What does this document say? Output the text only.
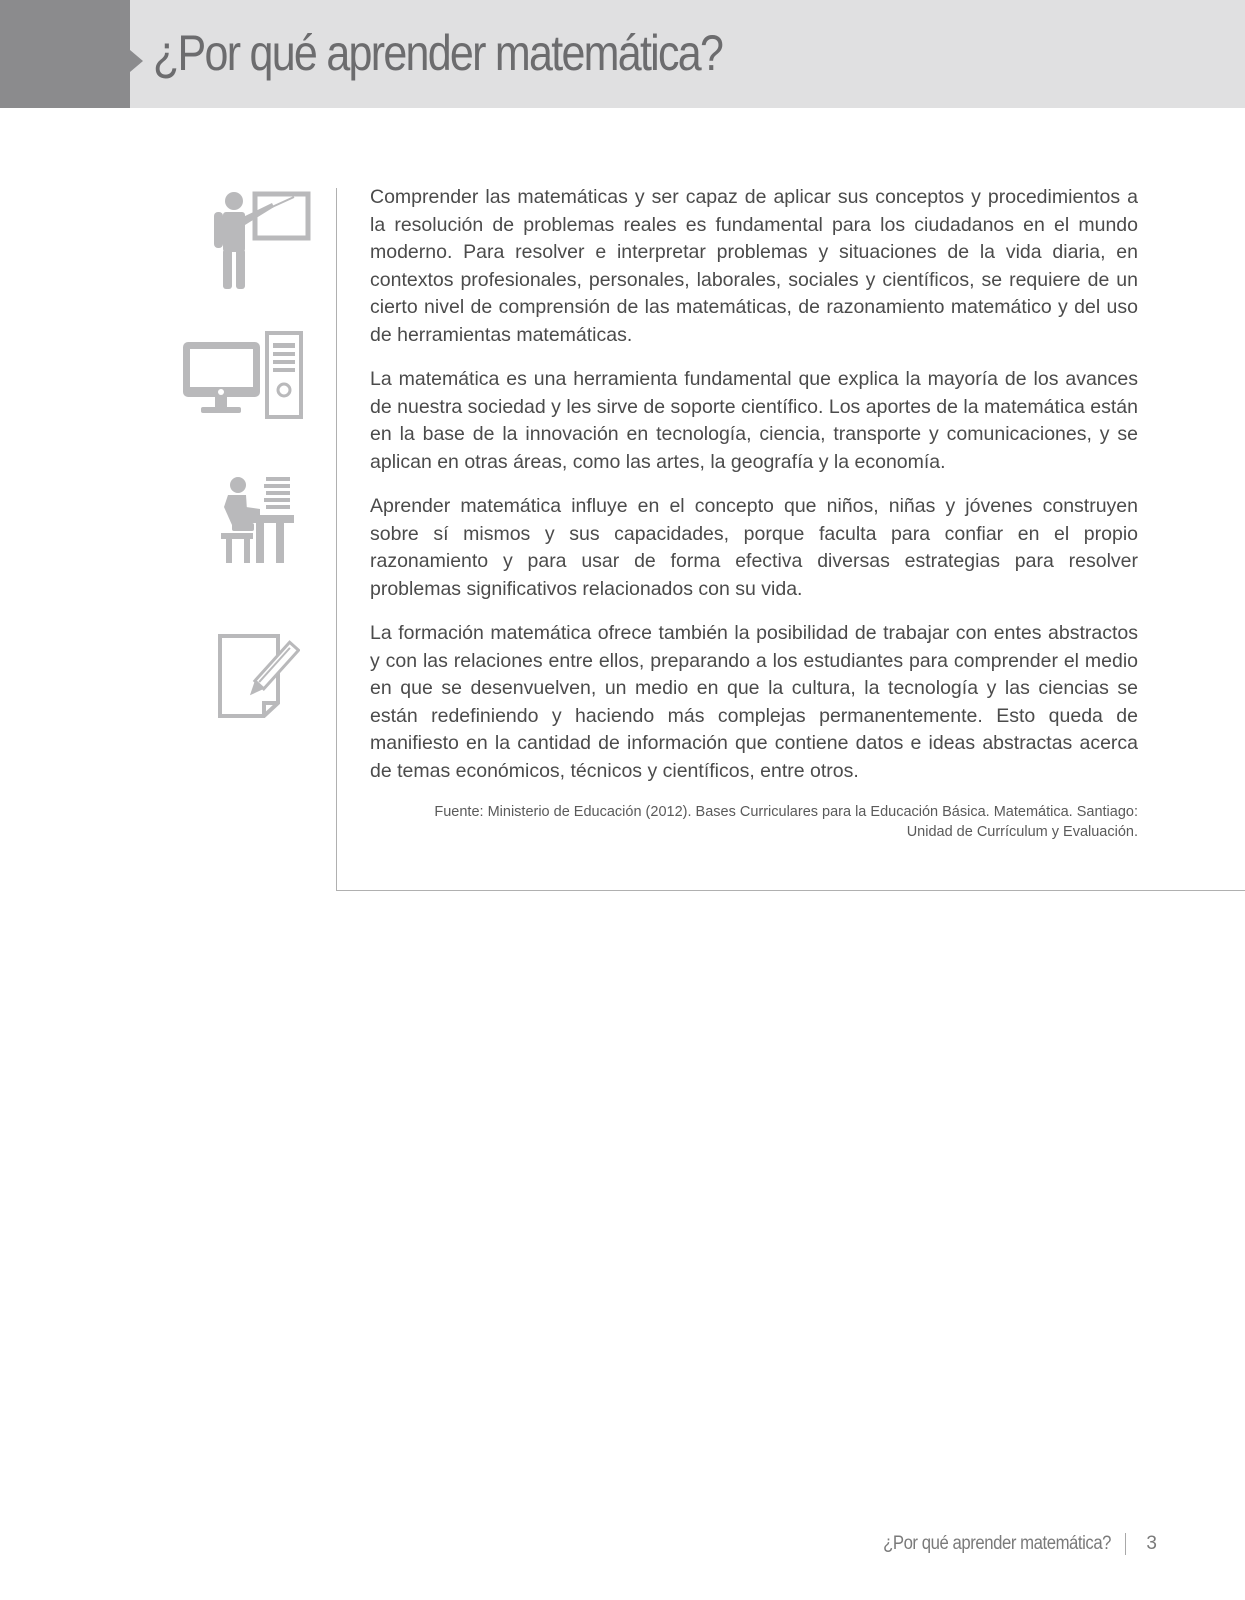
¿Por qué aprender matemática?

Comprender las matemáticas y ser capaz de aplicar sus conceptos y procedimientos a la resolución de problemas reales es fundamental para los ciudadanos en el mundo moderno. Para resolver e interpretar problemas y situaciones de la vida diaria, en contextos profesionales, personales, laborales, sociales y científicos, se requiere de un cierto nivel de comprensión de las matemáticas, de razonamiento matemático y del uso de herramientas matemáticas.

La matemática es una herramienta fundamental que explica la mayoría de los avances de nuestra sociedad y les sirve de soporte científico. Los aportes de la matemática están en la base de la innovación en tecnología, ciencia, transporte y comunicaciones, y se aplican en otras áreas, como las artes, la geografía y la economía.

Aprender matemática influye en el concepto que niños, niñas y jóvenes construyen sobre sí mismos y sus capacidades, porque faculta para confiar en el propio razonamiento y para usar de forma efectiva diversas estrategias para resolver problemas significativos relacionados con su vida.

La formación matemática ofrece también la posibilidad de trabajar con entes abstractos y con las relaciones entre ellos, preparando a los estudiantes para comprender el medio en que se desenvuelven, un medio en que la cultura, la tecnología y las ciencias se están redefiniendo y haciendo más complejas permanentemente. Esto queda de manifiesto en la cantidad de información que contiene datos e ideas abstractas acerca de temas económicos, técnicos y científicos, entre otros.

Fuente: Ministerio de Educación (2012). Bases Curriculares para la Educación Básica. Matemática. Santiago:
Unidad de Currículum y Evaluación.

¿Por qué aprender matemática? 3
